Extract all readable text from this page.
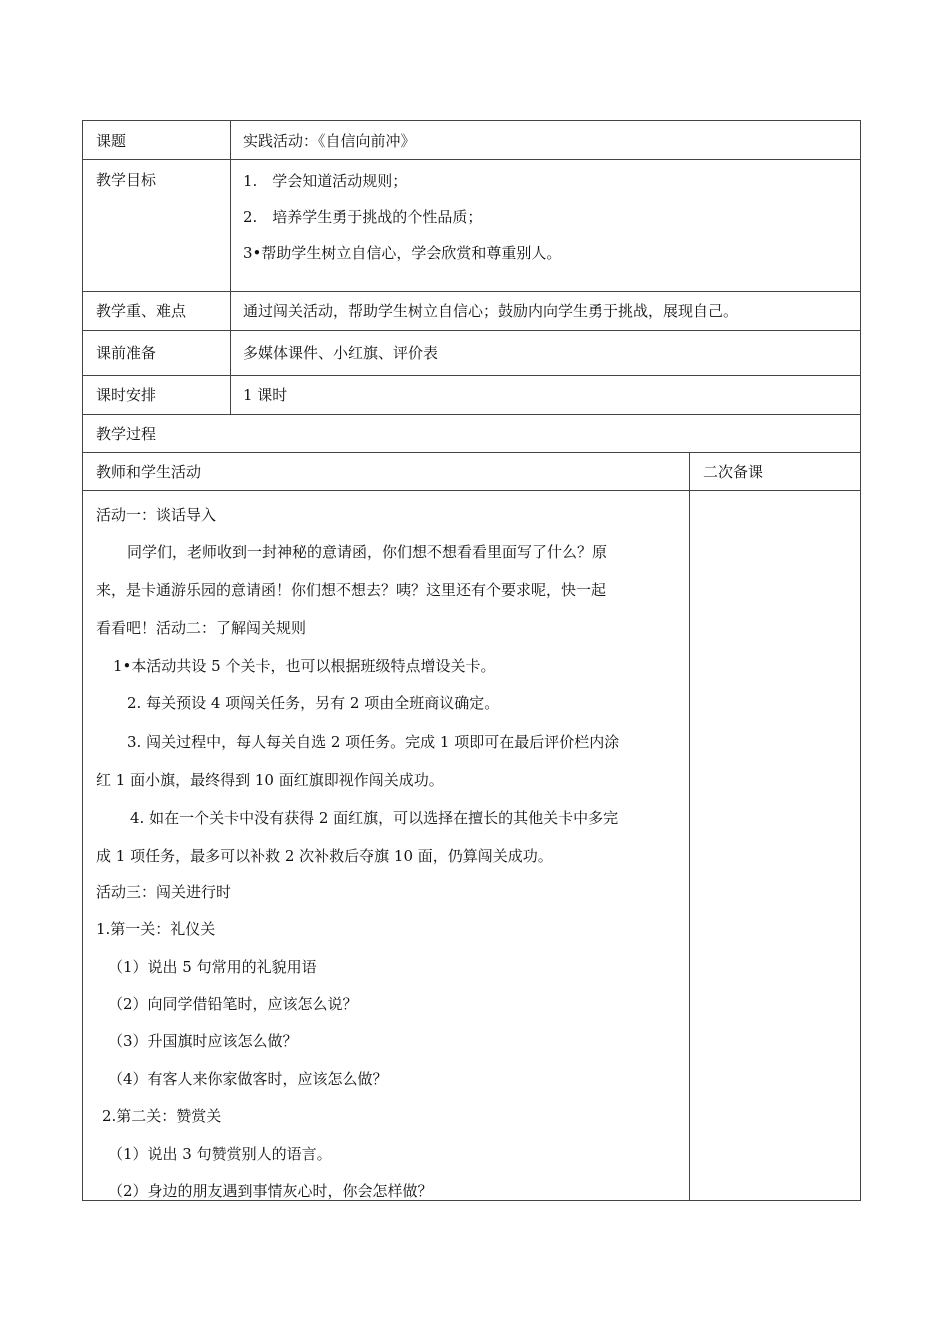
课题
教学目标
教学重、难点
课前准备
课时安排
教学过程
教师和学生活动	二次备课
实践活动：《自信向前冲》
1.　学会知道活动规则；
2.　培养学生勇于挑战的个性品质；
3•帮助学生树立自信心，学会欣赏和尊重别人。
通过闯关活动，帮助学生树立自信心；鼓励内向学生勇于挑战，展现自己。
多媒体课件、小红旗、评价表
1 课时
活动一：谈话导入
同学们，老师收到一封神秘的意请函，你们想不想看看里面写了什么？原
来，是卡通游乐园的意请函！你们想不想去？咦？这里还有个要求呢，快一起
看看吧！活动二：了解闯关规则
1•本活动共设 5 个关卡，也可以根据班级特点增设关卡。
2. 每关预设 4 项闯关任务，另有 2 项由全班商议确定。
3. 闯关过程中，每人每关自选 2 项任务。完成 1 项即可在最后评价栏内涂
红 1 面小旗，最终得到 10 面红旗即视作闯关成功。
4. 如在一个关卡中没有获得 2 面红旗，可以选择在擅长的其他关卡中多完
成 1 项任务，最多可以补救 2 次补救后夺旗 10 面，仍算闯关成功。
活动三：闯关进行时
1.第一关：礼仪关
（1）说出 5 句常用的礼貌用语
（2）向同学借铅笔时，应该怎么说？
（3）升国旗时应该怎么做？
（4）有客人来你家做客时，应该怎么做？
2.第二关：赞赏关
（1）说出 3 句赞赏别人的语言。
（2）身边的朋友遇到事情灰心时，你会怎样做？
